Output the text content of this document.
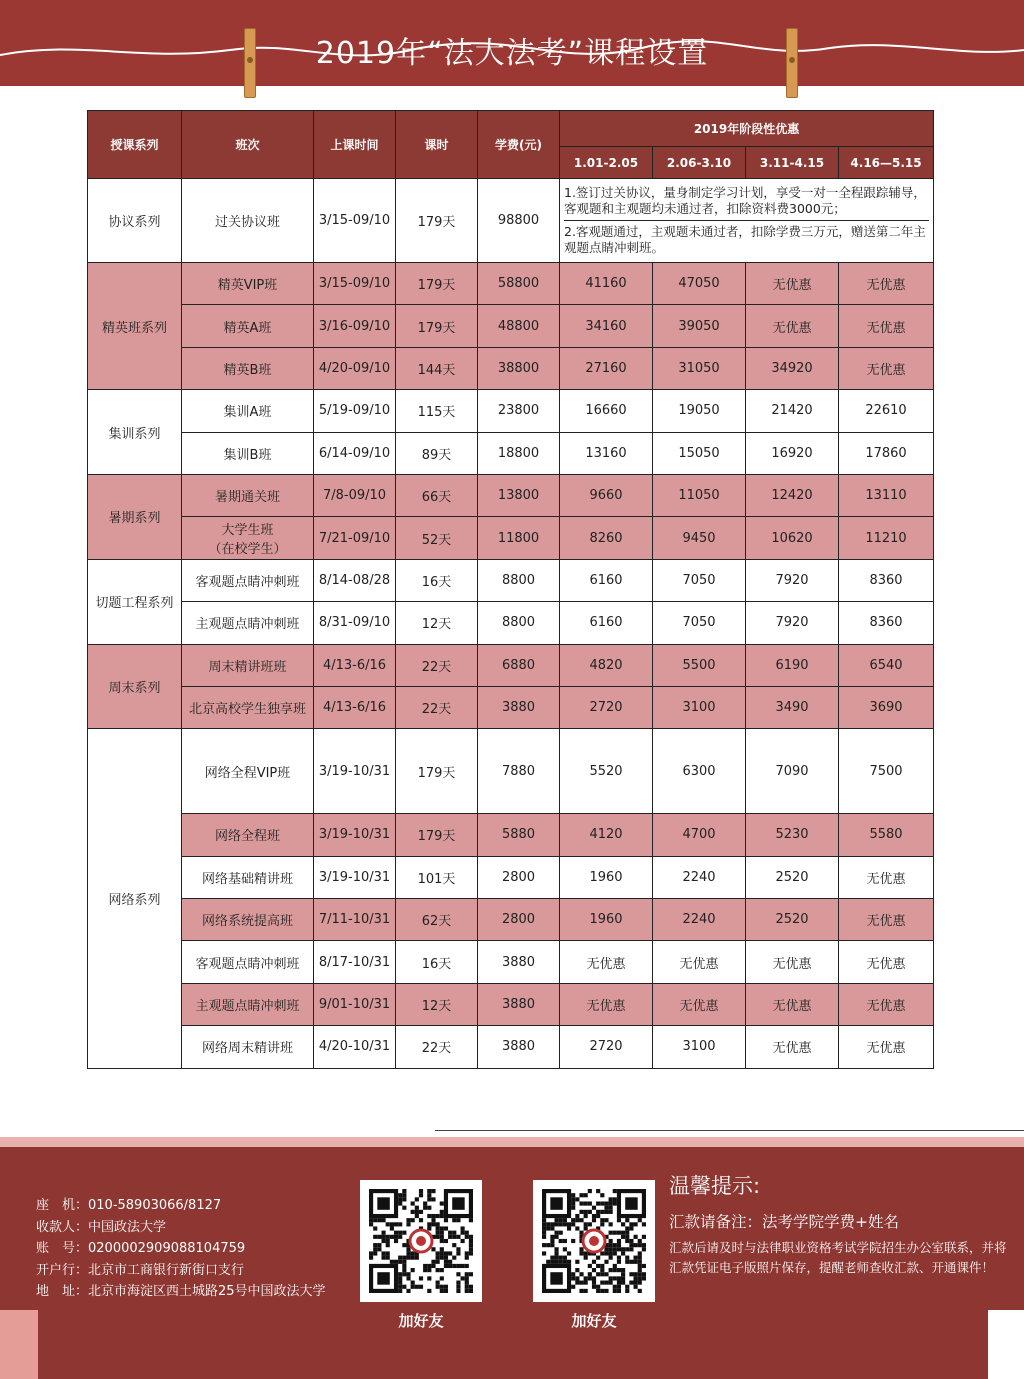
2019年“法大法考”课程设置
授课系列	班次	上课时间	课时	学费(元)	2019年阶段性优惠			
					1.01-2.05	2.06-3.10	3.11-4.15	4.16—5.15
协议系列	过关协议班	3/15-09/10	179天	98800	1.签订过关协议，量身制定学习计划，享受一对一全程跟踪辅导，客观题和主观题均未通过者，扣除资料费3000元；
2.客观题通过，主观题未通过者，扣除学费三万元，赠送第二年主观题点睛冲刺班。			

精英班系列	精英VIP班	3/15-09/10	179天	58800	41160	47050	无优惠	无优惠
	精英A班	3/16-09/10	179天	48800	34160	39050	无优惠	无优惠
	精英B班	4/20-09/10	144天	38800	27160	31050	34920	无优惠
集训系列	集训A班	5/19-09/10	115天	23800	16660	19050	21420	22610
	集训B班	6/14-09/10	89天	18800	13160	15050	16920	17860
暑期系列	暑期通关班	7/8-09/10	66天	13800	9660	11050	12420	13110
	大学生班
（在校学生）	7/21-09/10	52天	11800	8260	9450	10620	11210
切题工程系列	客观题点睛冲刺班	8/14-08/28	16天	8800	6160	7050	7920	8360
	主观题点睛冲刺班	8/31-09/10	12天	8800	6160	7050	7920	8360
周末系列	周末精讲班班	4/13-6/16	22天	6880	4820	5500	6190	6540
	北京高校学生独享班	4/13-6/16	22天	3880	2720	3100	3490	3690
网络系列	网络全程VIP班	3/19-10/31	179天	7880	5520	6300	7090	7500
	网络全程班	3/19-10/31	179天	5880	4120	4700	5230	5580
	网络基础精讲班	3/19-10/31	101天	2800	1960	2240	2520	无优惠
	网络系统提高班	7/11-10/31	62天	2800	1960	2240	2520	无优惠
	客观题点睛冲刺班	8/17-10/31	16天	3880	无优惠	无优惠	无优惠	无优惠
	主观题点睛冲刺班	9/01-10/31	12天	3880	无优惠	无优惠	无优惠	无优惠
	网络周末精讲班	4/20-10/31	22天	3880	2720	3100	无优惠	无优惠
座　机：010-58903066/8127
收款人：中国政法大学
账　号：0200002909088104759
开户行：北京市工商银行新街口支行
地　址：北京市海淀区西土城路25号中国政法大学
加好友	加好友
温馨提示:
汇款请备注：法考学院学费+姓名
汇款后请及时与法律职业资格考试学院招生办公室联系，并将汇款凭证电子版照片保存，提醒老师查收汇款、开通课件！
